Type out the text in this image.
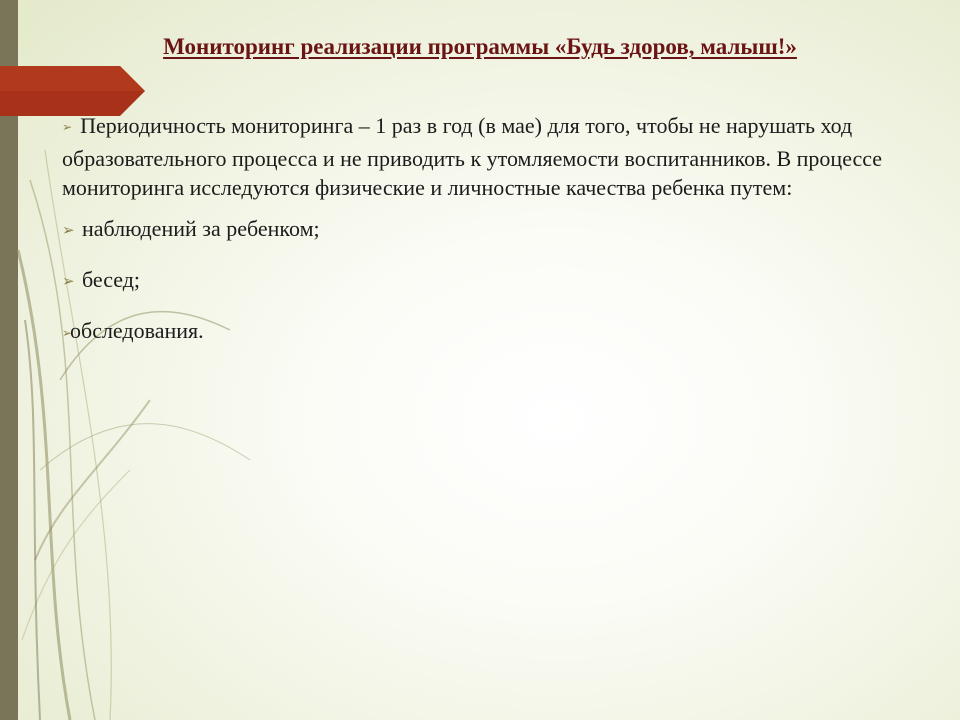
Мониторинг реализации программы «Будь здоров, малыш!»

➢ Периодичность мониторинга – 1 раз в год (в мае) для того, чтобы не нарушать ход образовательного процесса и не приводить к утомляемости воспитанников. В процессе мониторинга исследуются физические и личностные качества ребенка путем:

➢ наблюдений за ребенком;
➢ бесед;
➢
обследования.
